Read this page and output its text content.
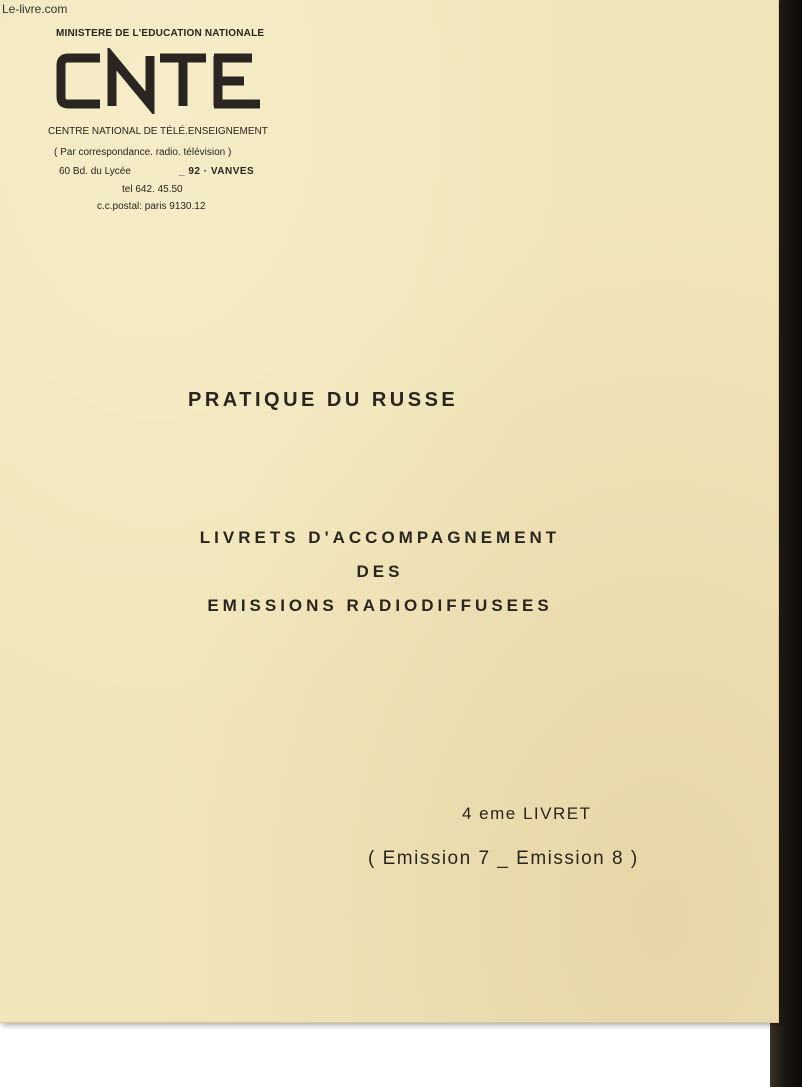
MINISTERE DE L'EDUCATION NATIONALE
CENTRE NATIONAL DE TÉLÉ.ENSEIGNEMENT
( Par correspondance. radio. télévision )
60 Bd. du Lycée	_ 92 · VANVES
tel 642. 45.50
c.c.postal: paris 9130.12
PRATIQUE DU RUSSE
LIVRETS D'ACCOMPAGNEMENT
DES
EMISSIONS RADIODIFFUSEES
4 eme LIVRET
( Emission 7 _ Emission 8 )
Le-livre.com
